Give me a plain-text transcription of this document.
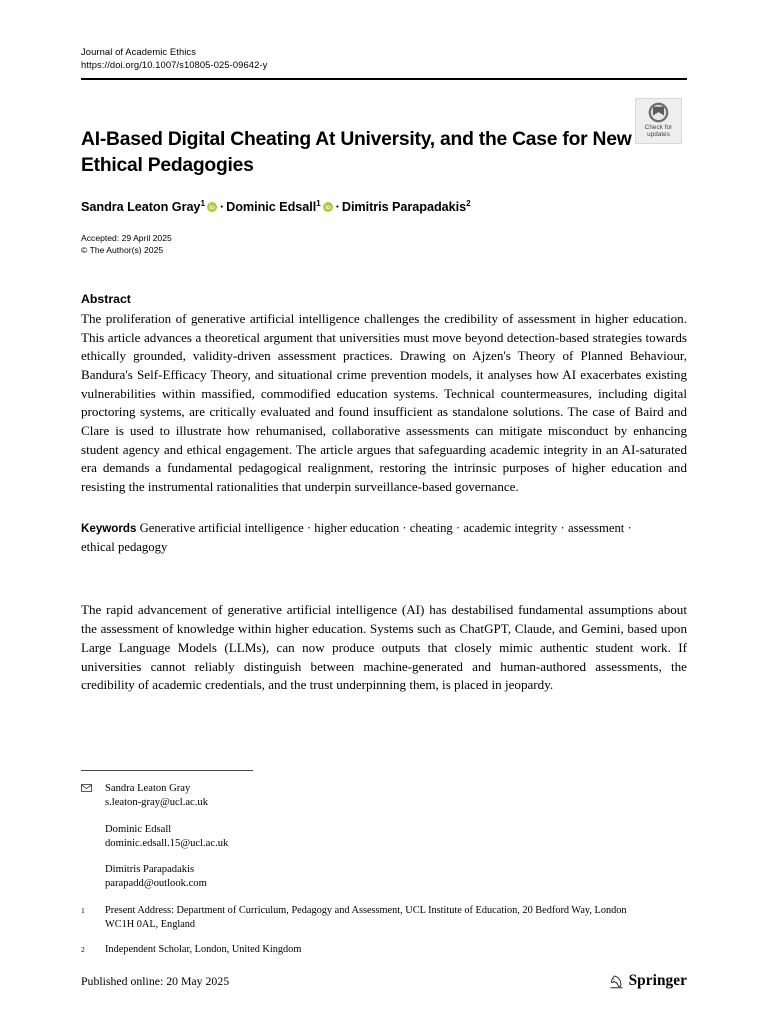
Journal of Academic Ethics
https://doi.org/10.1007/s10805-025-09642-y
Check for
updates
AI-Based Digital Cheating At University, and the Case for New Ethical Pedagogies
Sandra Leaton Gray$^1$ · Dominic Edsall$^1$ · Dimitris Parapadakis$^2$
Accepted: 29 April 2025
© The Author(s) 2025
Abstract
The proliferation of generative artificial intelligence challenges the credibility of assessment in higher education. This article advances a theoretical argument that universities must move beyond detection-based strategies towards ethically grounded, validity-driven assessment practices. Drawing on Ajzen's Theory of Planned Behaviour, Bandura's Self-Efficacy Theory, and situational crime prevention models, it analyses how AI exacerbates existing vulnerabilities within massified, commodified education systems. Technical countermeasures, including digital proctoring systems, are critically evaluated and found insufficient as standalone solutions. The case of Baird and Clare is used to illustrate how rehumanised, collaborative assessments can mitigate misconduct by enhancing student agency and ethical engagement. The article argues that safeguarding academic integrity in an AI-saturated era demands a fundamental pedagogical realignment, restoring the intrinsic purposes of higher education and resisting the instrumental rationalities that underpin surveillance-based governance.
Keywords Generative artificial intelligence · higher education · cheating · academic integrity · assessment · ethical pedagogy
The rapid advancement of generative artificial intelligence (AI) has destabilised fundamental assumptions about the assessment of knowledge within higher education. Systems such as ChatGPT, Claude, and Gemini, based upon Large Language Models (LLMs), can now produce outputs that closely mimic authentic student work. If universities cannot reliably distinguish between machine-generated and human-authored assessments, the credibility of academic credentials, and the trust underpinning them, is placed in jeopardy.
Sandra Leaton Gray
s.leaton-gray@ucl.ac.uk
Dominic Edsall
dominic.edsall.15@ucl.ac.uk
Dimitris Parapadakis
parapadd@outlook.com
1	Present Address: Department of Curriculum, Pedagogy and Assessment, UCL Institute of Education, 20 Bedford Way, London WC1H 0AL, England
2	Independent Scholar, London, United Kingdom
Published online: 20 May 2025	Springer
